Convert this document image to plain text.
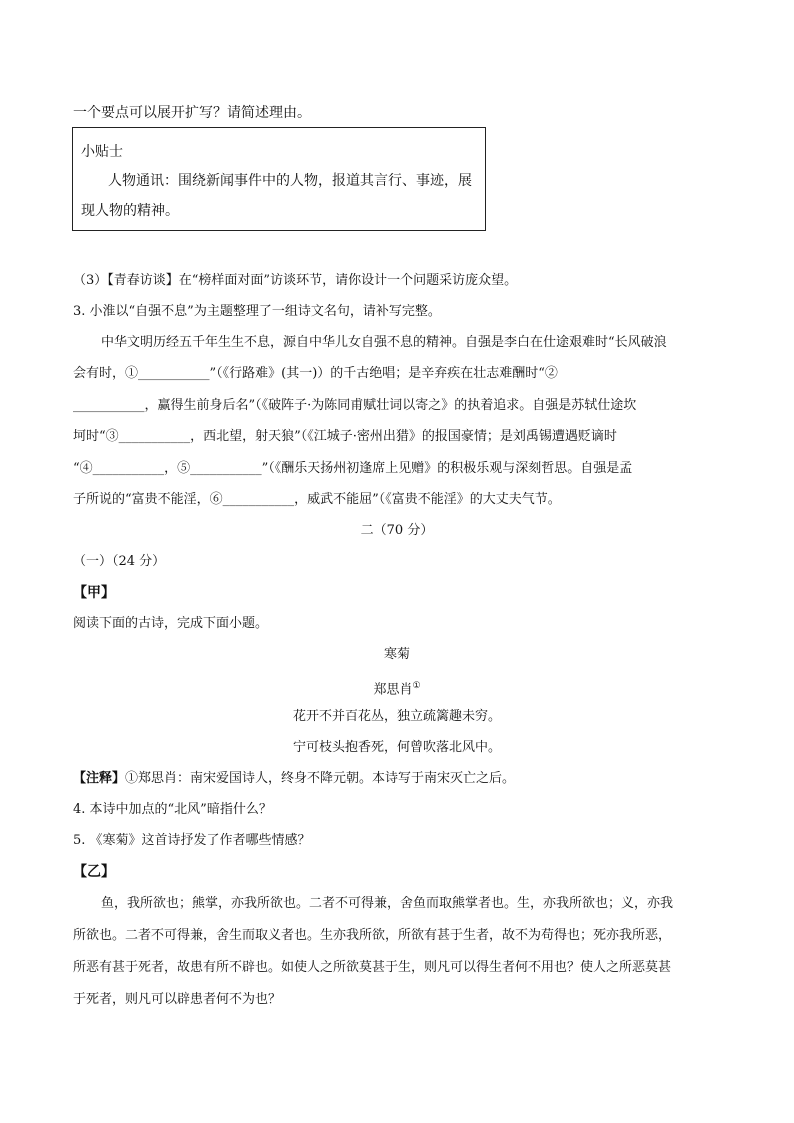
一个要点可以展开扩写？请简述理由。
小贴士
人物通讯：围绕新闻事件中的人物，报道其言行、事迹，展
现人物的精神。
（3）【青春访谈】在“榜样面对面”访谈环节，请你设计一个问题采访庞众望。
3. 小淮以“自强不息”为主题整理了一组诗文名句，请补写完整。
中华文明历经五千年生生不息，源自中华儿女自强不息的精神。自强是李白在仕途艰难时“长风破浪
会有时，①___________”（《行路难》(其一)）的千古绝唱；是辛弃疾在壮志难酬时“②
___________，赢得生前身后名”（《破阵子·为陈同甫赋壮词以寄之》的执着追求。自强是苏轼仕途坎
坷时“③___________，西北望，射天狼”（《江城子·密州出猎》的报国豪情；是刘禹锡遭遇贬谪时
“④___________，⑤___________”（《酬乐天扬州初逢席上见赠》的积极乐观与深刻哲思。自强是孟
子所说的“富贵不能淫，⑥___________，威武不能屈”（《富贵不能淫》的大丈夫气节。
二（70 分）
（一）（24 分）
【甲】
阅读下面的古诗，完成下面小题。
寒菊
郑思肖①
花开不并百花丛，独立疏篱趣未穷。
宁可枝头抱香死，何曾吹落北风中。
【注释】①郑思肖：南宋爱国诗人，终身不降元朝。本诗写于南宋灭亡之后。
4. 本诗中加点的“北风”暗指什么？
5. 《寒菊》这首诗抒发了作者哪些情感？
【乙】
鱼，我所欲也；熊掌，亦我所欲也。二者不可得兼，舍鱼而取熊掌者也。生，亦我所欲也；义，亦我
所欲也。二者不可得兼，舍生而取义者也。生亦我所欲，所欲有甚于生者，故不为苟得也；死亦我所恶，
所恶有甚于死者，故患有所不辟也。如使人之所欲莫甚于生，则凡可以得生者何不用也？使人之所恶莫甚
于死者，则凡可以辟患者何不为也？
